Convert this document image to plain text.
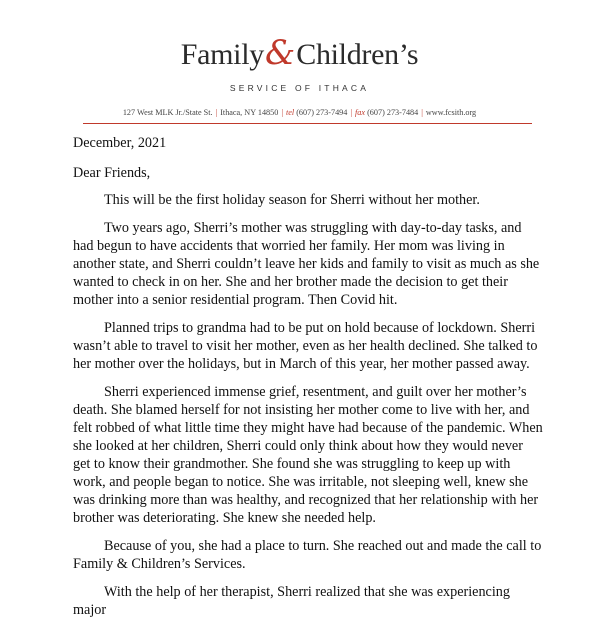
Family&Children’s
SERVICE OF ITHACA
127 West MLK Jr./State St. | Ithaca, NY 14850 | tel (607) 273-7494 | fax (607) 273-7484 | www.fcsith.org

December, 2021

Dear Friends,

This will be the first holiday season for Sherri without her mother.

Two years ago, Sherri’s mother was struggling with day-to-day tasks, and had begun to have accidents that worried her family. Her mom was living in another state, and Sherri couldn’t leave her kids and family to visit as much as she wanted to check in on her. She and her brother made the decision to get their mother into a senior residential program. Then Covid hit.

Planned trips to grandma had to be put on hold because of lockdown. Sherri wasn’t able to travel to visit her mother, even as her health declined. She talked to her mother over the holidays, but in March of this year, her mother passed away.

Sherri experienced immense grief, resentment, and guilt over her mother’s death. She blamed herself for not insisting her mother come to live with her, and felt robbed of what little time they might have had because of the pandemic. When she looked at her children, Sherri could only think about how they would never get to know their grandmother. She found she was struggling to keep up with work, and people began to notice. She was irritable, not sleeping well, knew she was drinking more than was healthy, and recognized that her relationship with her brother was deteriorating. She knew she needed help.

Because of you, she had a place to turn. She reached out and made the call to Family & Children’s Services.

With the help of her therapist, Sherri realized that she was experiencing major
